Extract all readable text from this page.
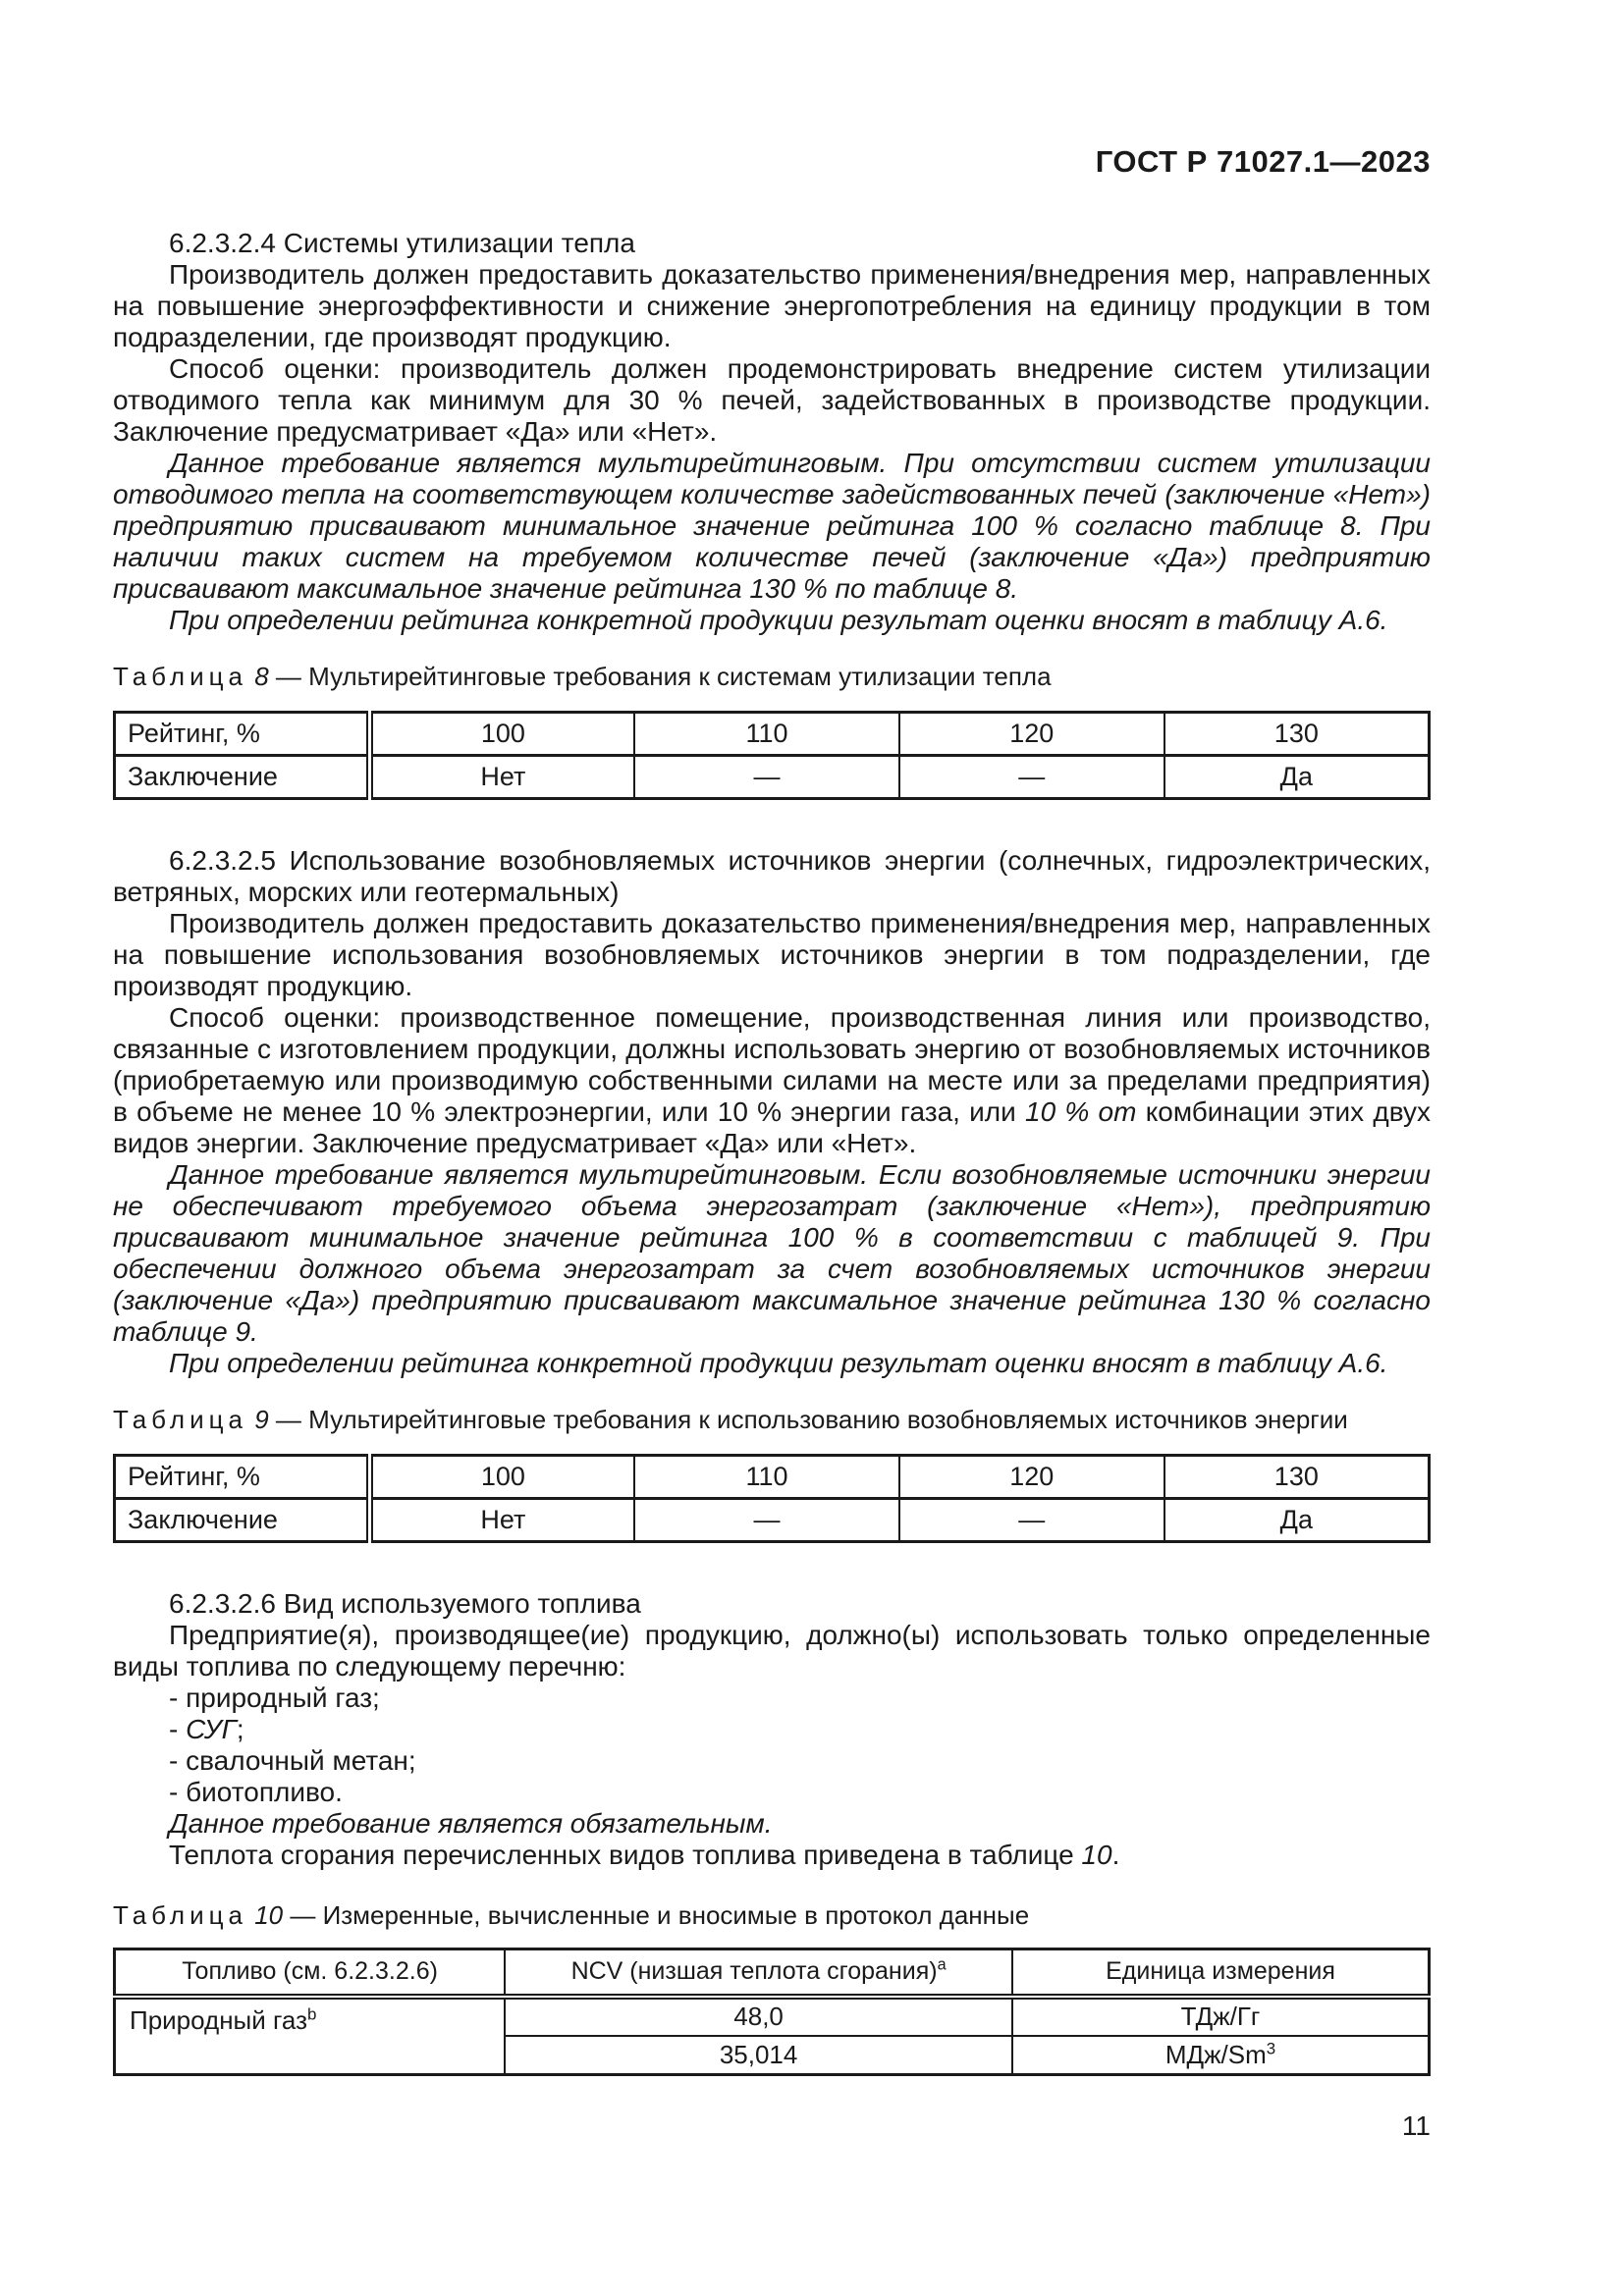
ГОСТ Р 71027.1—2023

6.2.3.2.4 Системы утилизации тепла

Производитель должен предоставить доказательство применения/внедрения мер, направленных на повышение энергоэффективности и снижение энергопотребления на единицу продукции в том подразделении, где производят продукцию.

Способ оценки: производитель должен продемонстрировать внедрение систем утилизации отводимого тепла как минимум для 30 % печей, задействованных в производстве продукции. Заключение предусматривает «Да» или «Нет».

Данное требование является мультирейтинговым. При отсутствии систем утилизации отводимого тепла на соответствующем количестве задействованных печей (заключение «Нет») предприятию присваивают минимальное значение рейтинга 100 % согласно таблице 8. При наличии таких систем на требуемом количестве печей (заключение «Да») предприятию присваивают максимальное значение рейтинга 130 % по таблице 8.

При определении рейтинга конкретной продукции результат оценки вносят в таблицу А.6.

Таблица 8 — Мультирейтинговые требования к системам утилизации тепла

Рейтинг, %	100	110	120	130
Заключение	Нет	—	—	Да

6.2.3.2.5 Использование возобновляемых источников энергии (солнечных, гидроэлектрических, ветряных, морских или геотермальных)

Производитель должен предоставить доказательство применения/внедрения мер, направленных на повышение использования возобновляемых источников энергии в том подразделении, где производят продукцию.

Способ оценки: производственное помещение, производственная линия или производство, связанные с изготовлением продукции, должны использовать энергию от возобновляемых источников (приобретаемую или производимую собственными силами на месте или за пределами предприятия) в объеме не менее 10 % электроэнергии, или 10 % энергии газа, или 10 % от комбинации этих двух видов энергии. Заключение предусматривает «Да» или «Нет».

Данное требование является мультирейтинговым. Если возобновляемые источники энергии не обеспечивают требуемого объема энергозатрат (заключение «Нет»), предприятию присваивают минимальное значение рейтинга 100 % в соответствии с таблицей 9. При обеспечении должного объема энергозатрат за счет возобновляемых источников энергии (заключение «Да») предприятию присваивают максимальное значение рейтинга 130 % согласно таблице 9.

При определении рейтинга конкретной продукции результат оценки вносят в таблицу А.6.

Таблица 9 — Мультирейтинговые требования к использованию возобновляемых источников энергии

Рейтинг, %	100	110	120	130
Заключение	Нет	—	—	Да

6.2.3.2.6 Вид используемого топлива

Предприятие(я), производящее(ие) продукцию, должно(ы) использовать только определенные виды топлива по следующему перечню:

- природный газ;

- СУГ;

- свалочный метан;

- биотопливо.

Данное требование является обязательным.

Теплота сгорания перечисленных видов топлива приведена в таблице 10.

Таблица 10 — Измеренные, вычисленные и вносимые в протокол данные

Топливо (см. 6.2.3.2.6)	NCV (низшая теплота сгорания)$^a$	Единица измерения
Природный газ$^b$	48,0	ТДж/Гг
	35,014	МДж/Sm$^3$
11
